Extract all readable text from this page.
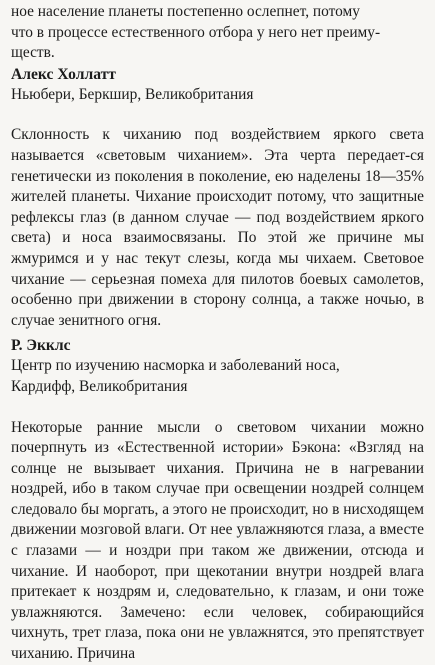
ное население планеты постепенно ослепнет, потому
что в процессе естественного отбора у него нет преиму-
ществ.

Алекс Холлатт

Ньюбери, Беркшир, Великобритания

Склонность к чиханию под воздействием яркого света называется «световым чиханием». Эта черта передает-ся генетически из поколения в поколение, ею наделены 18—35% жителей планеты. Чихание происходит потому, что защитные рефлексы глаз (в данном случае — под воздействием яркого света) и носа взаимосвязаны. По этой же причине мы жмуримся и у нас текут слезы, когда мы чихаем. Световое чихание — серьезная помеха для пилотов боевых самолетов, особенно при движении в сторону солнца, а также ночью, в случае зенитного огня.

Р. Экклс

Центр по изучению насморка и заболеваний носа,

Кардифф, Великобритания

Некоторые ранние мысли о световом чихании можно почерпнуть из «Естественной истории» Бэкона: «Взгляд на солнце не вызывает чихания. Причина не в нагревании ноздрей, ибо в таком случае при освещении ноздрей солнцем следовало бы моргать, а этого не происходит, но в нисходящем движении мозговой влаги. От нее увлажняются глаза, а вместе с глазами — и ноздри при таком же движении, отсюда и чихание. И наоборот, при щекотании внутри ноздрей влага притекает к ноздрям и, следовательно, к глазам, и они тоже увлажняются. Замечено: если человек, собирающийся чихнуть, трет глаза, пока они не увлажнятся, это препятствует чиханию. Причина
